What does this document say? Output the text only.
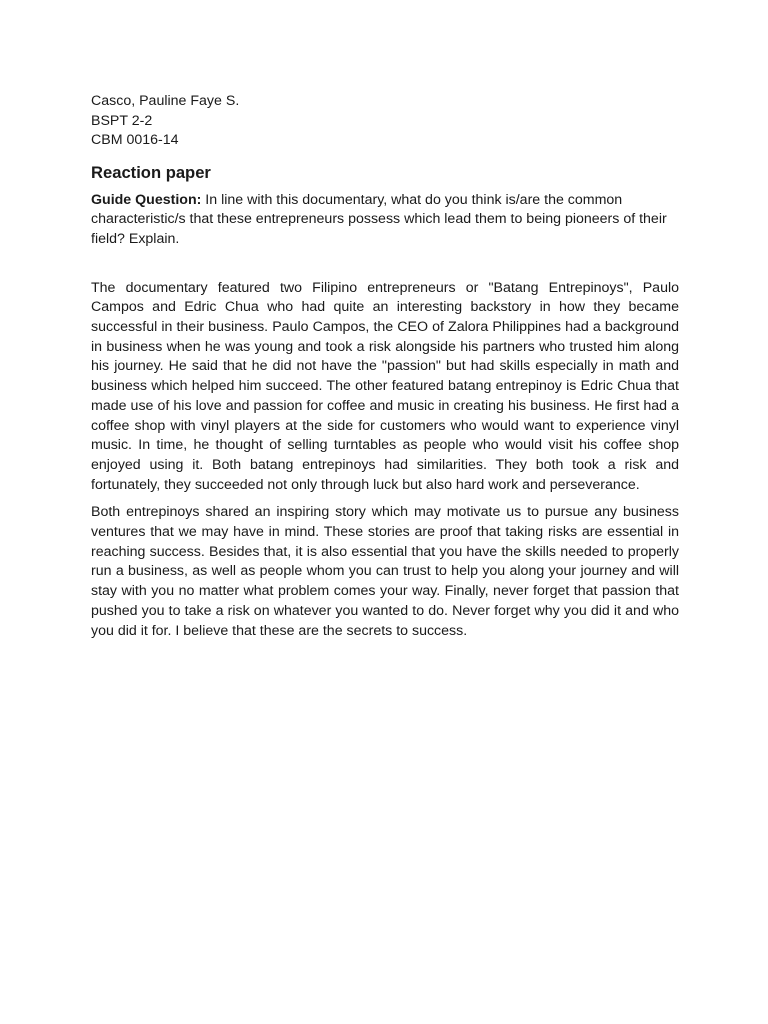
Casco, Pauline Faye S.

BSPT 2-2

CBM 0016-14

Reaction paper

Guide Question: In line with this documentary, what do you think is/are the common characteristic/s that these entrepreneurs possess which lead them to being pioneers of their field? Explain.

The documentary featured two Filipino entrepreneurs or "Batang Entrepinoys", Paulo Campos and Edric Chua who had quite an interesting backstory in how they became successful in their business. Paulo Campos, the CEO of Zalora Philippines had a background in business when he was young and took a risk alongside his partners who trusted him along his journey. He said that he did not have the "passion" but had skills especially in math and business which helped him succeed. The other featured batang entrepinoy is Edric Chua that made use of his love and passion for coffee and music in creating his business. He first had a coffee shop with vinyl players at the side for customers who would want to experience vinyl music. In time, he thought of selling turntables as people who would visit his coffee shop enjoyed using it. Both batang entrepinoys had similarities. They both took a risk and fortunately, they succeeded not only through luck but also hard work and perseverance.

Both entrepinoys shared an inspiring story which may motivate us to pursue any business ventures that we may have in mind. These stories are proof that taking risks are essential in reaching success. Besides that, it is also essential that you have the skills needed to properly run a business, as well as people whom you can trust to help you along your journey and will stay with you no matter what problem comes your way. Finally, never forget that passion that pushed you to take a risk on whatever you wanted to do. Never forget why you did it and who you did it for. I believe that these are the secrets to success.
